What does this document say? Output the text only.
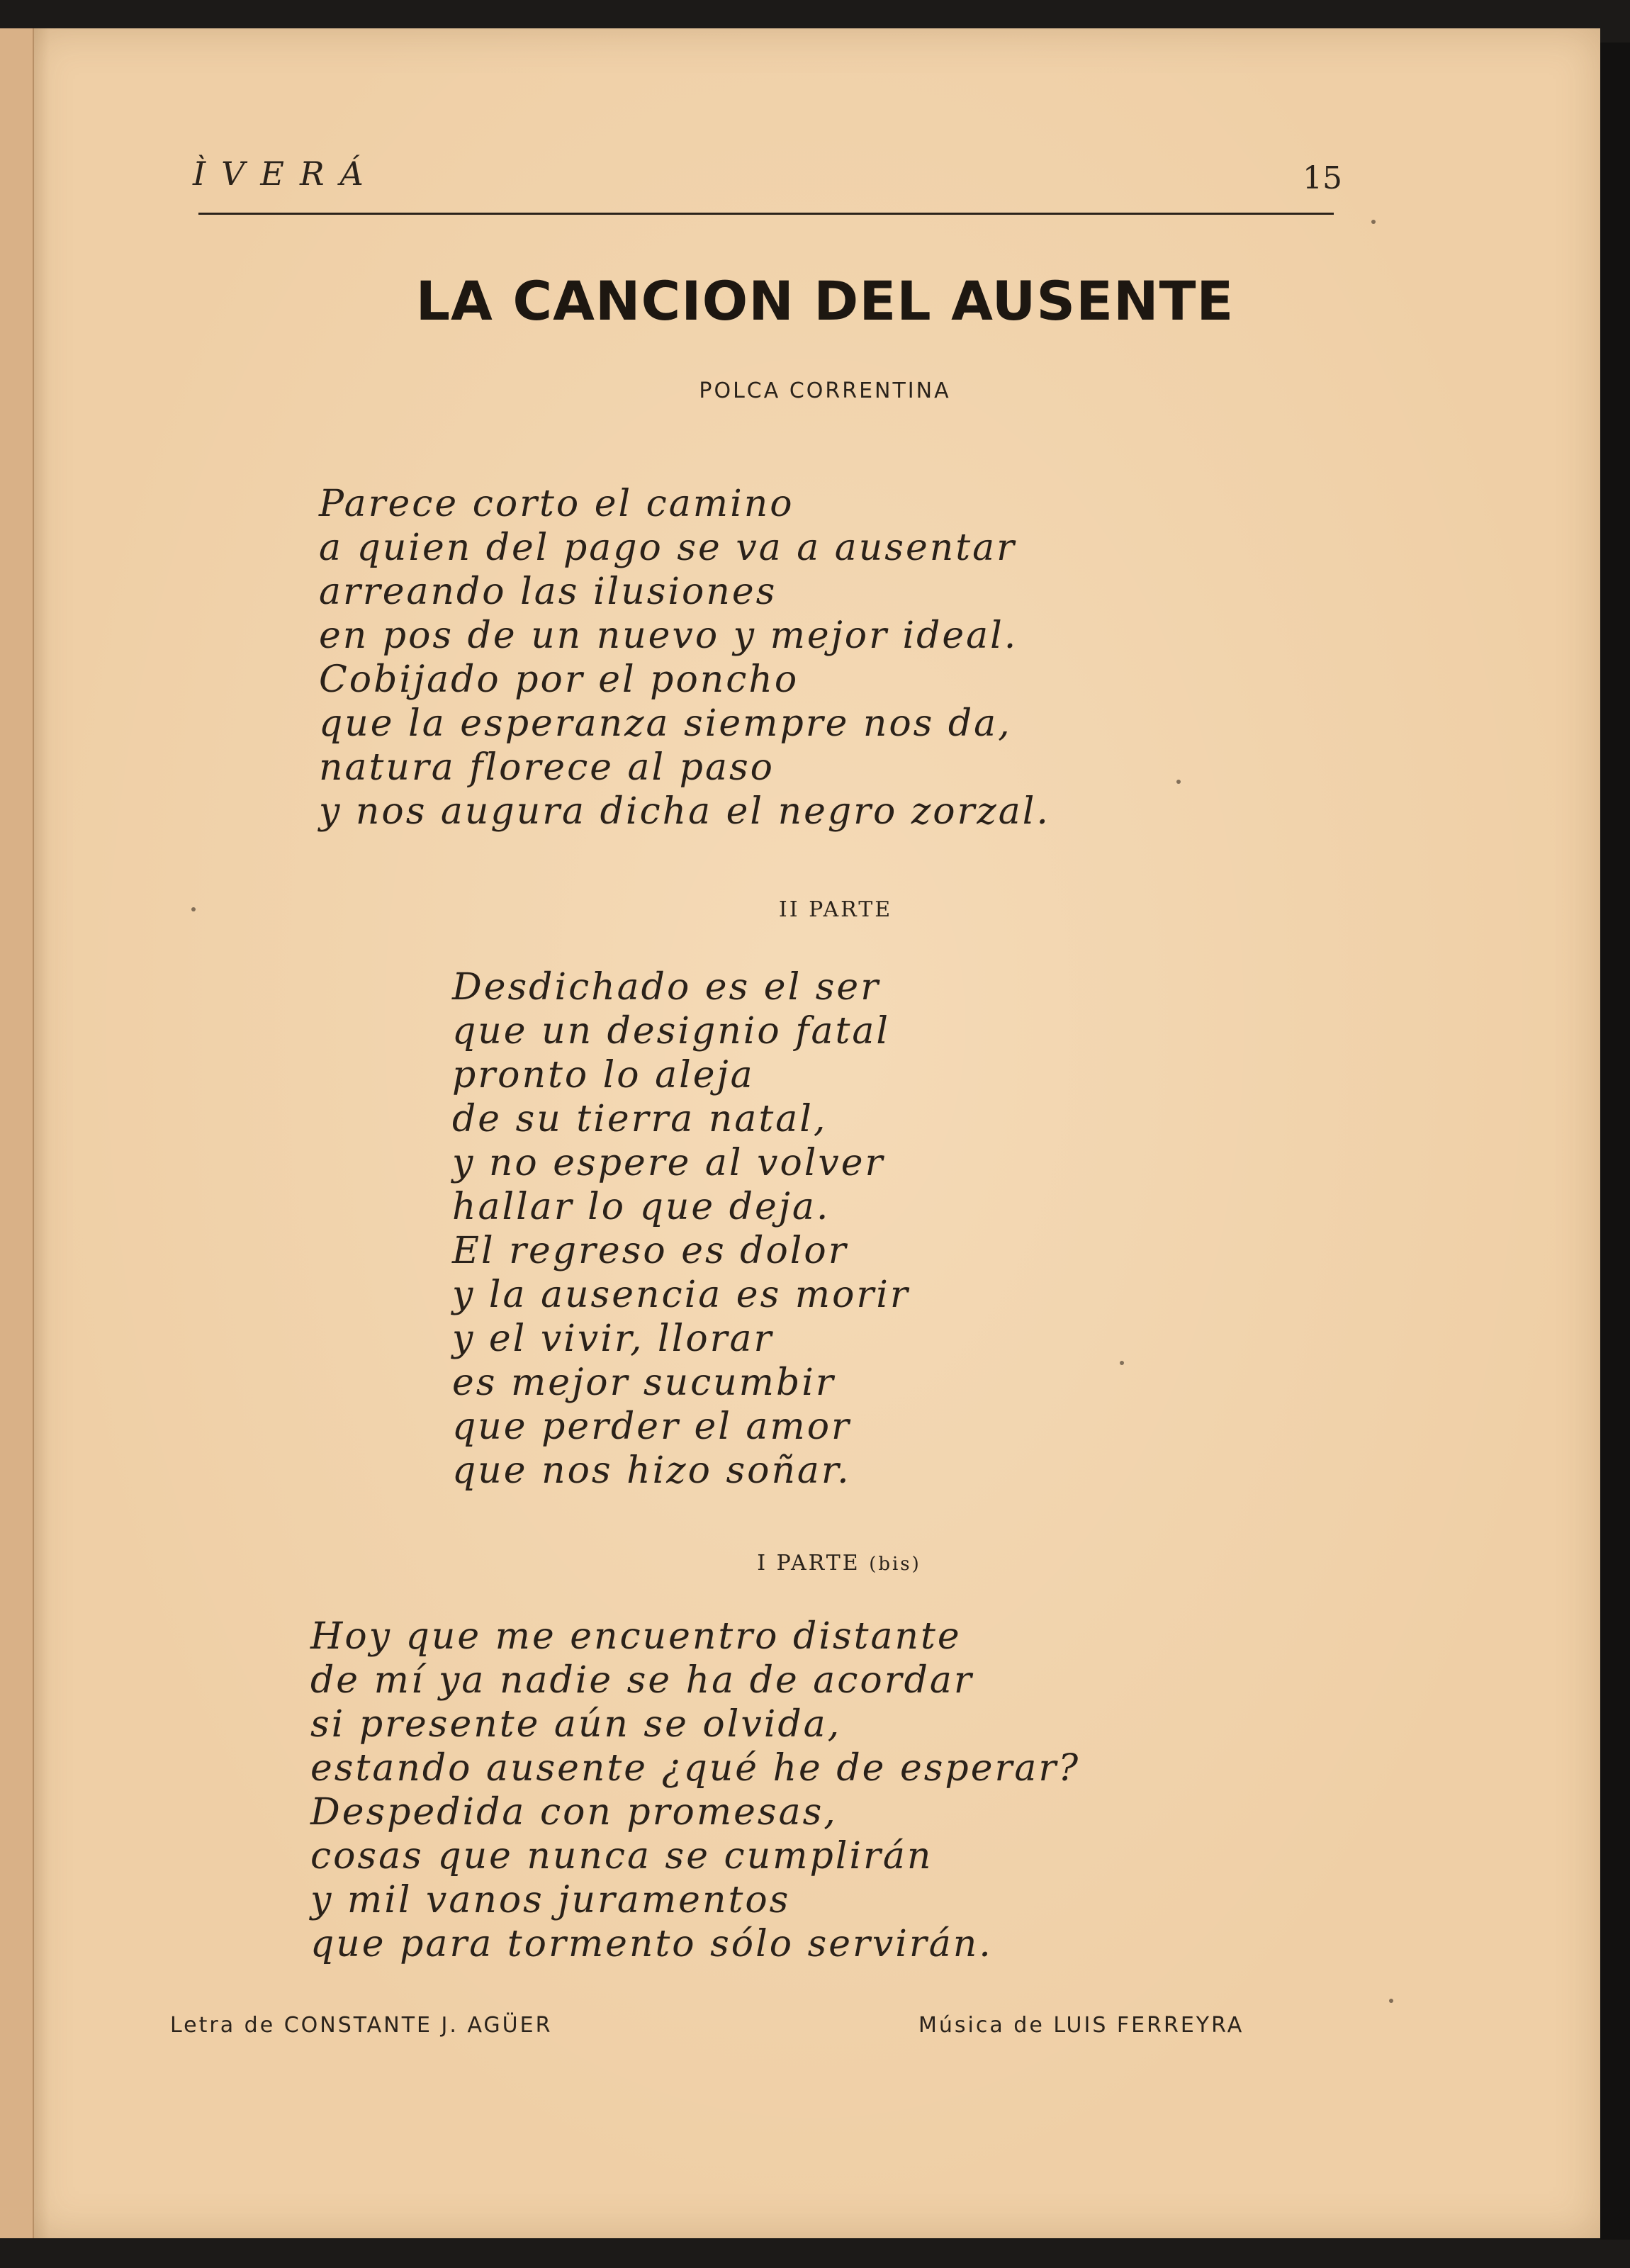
ÌVERÁ	15
LA CANCION DEL AUSENTE
POLCA CORRENTINA
Parece corto el camino
a quien del pago se va a ausentar
arreando las ilusiones
en pos de un nuevo y mejor ideal.
Cobijado por el poncho
que la esperanza siempre nos da,
natura florece al paso
y nos augura dicha el negro zorzal.
II PARTE
Desdichado es el ser
que un designio fatal
pronto lo aleja
de su tierra natal,
y no espere al volver
hallar lo que deja.
El regreso es dolor
y la ausencia es morir
y el vivir, llorar
es mejor sucumbir
que perder el amor
que nos hizo soñar.
I PARTE (bis)
Hoy que me encuentro distante
de mí ya nadie se ha de acordar
si presente aún se olvida,
estando ausente ¿qué he de esperar?
Despedida con promesas,
cosas que nunca se cumplirán
y mil vanos juramentos
que para tormento sólo servirán.
Letra de CONSTANTE J. AGÜER	Música de LUIS FERREYRA
